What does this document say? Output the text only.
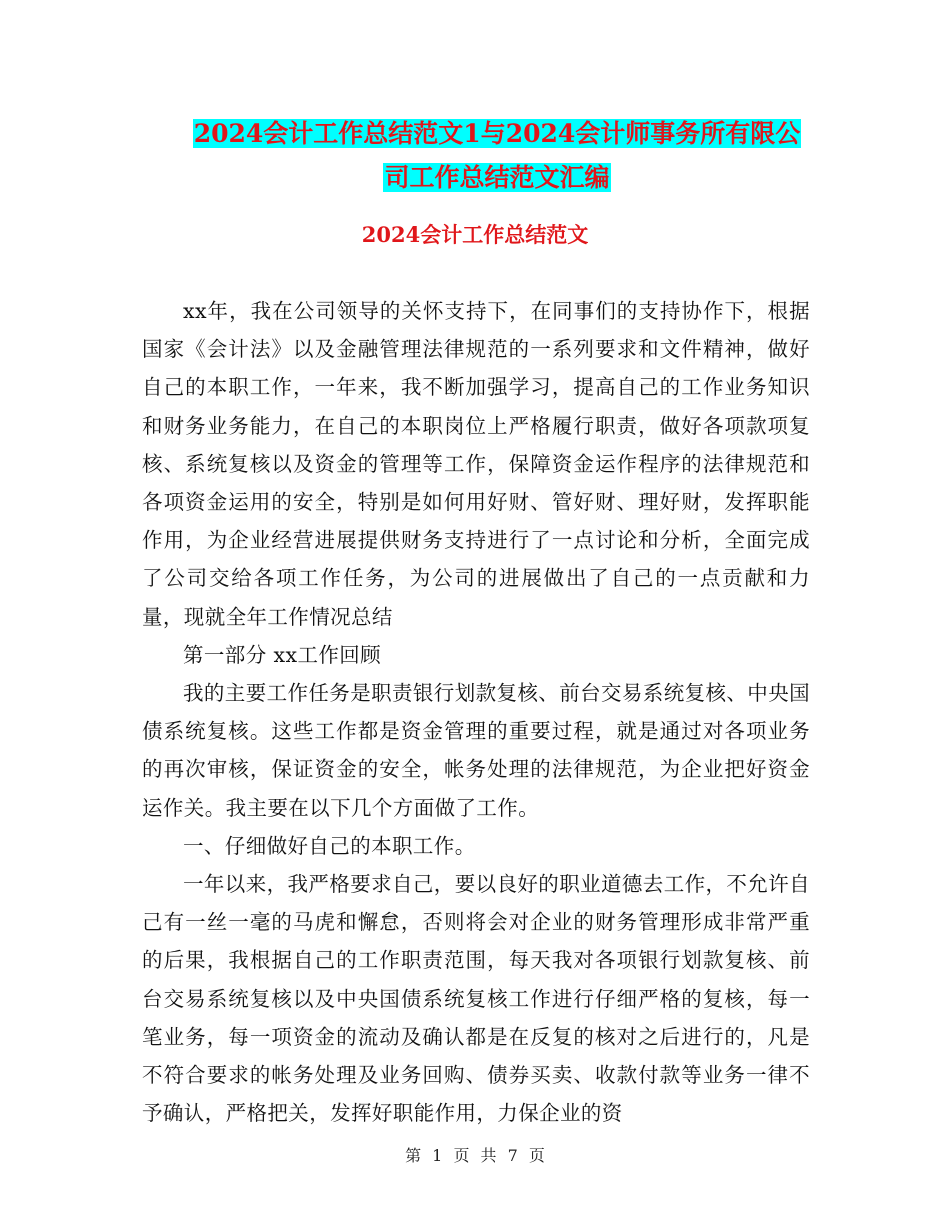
2024会计工作总结范文1与2024会计师事务所有限公
司工作总结范文汇编
2024会计工作总结范文

xx年，我在公司领导的关怀支持下，在同事们的支持协作下，根据国家《会计法》以及金融管理法律规范的一系列要求和文件精神，做好自己的本职工作，一年来，我不断加强学习，提高自己的工作业务知识和财务业务能力，在自己的本职岗位上严格履行职责，做好各项款项复核、系统复核以及资金的管理等工作，保障资金运作程序的法律规范和各项资金运用的安全，特别是如何用好财、管好财、理好财，发挥职能作用，为企业经营进展提供财务支持进行了一点讨论和分析，全面完成了公司交给各项工作任务，为公司的进展做出了自己的一点贡献和力量，现就全年工作情况总结

第一部分 xx工作回顾

我的主要工作任务是职责银行划款复核、前台交易系统复核、中央国债系统复核。这些工作都是资金管理的重要过程，就是通过对各项业务的再次审核，保证资金的安全，帐务处理的法律规范，为企业把好资金运作关。我主要在以下几个方面做了工作。

一、仔细做好自己的本职工作。

一年以来，我严格要求自己，要以良好的职业道德去工作，不允许自己有一丝一毫的马虎和懈怠，否则将会对企业的财务管理形成非常严重的后果，我根据自己的工作职责范围，每天我对各项银行划款复核、前台交易系统复核以及中央国债系统复核工作进行仔细严格的复核，每一笔业务，每一项资金的流动及确认都是在反复的核对之后进行的，凡是不符合要求的帐务处理及业务回购、债券买卖、收款付款等业务一律不予确认，严格把关，发挥好职能作用，力保企业的资

第 1 页 共 7 页
